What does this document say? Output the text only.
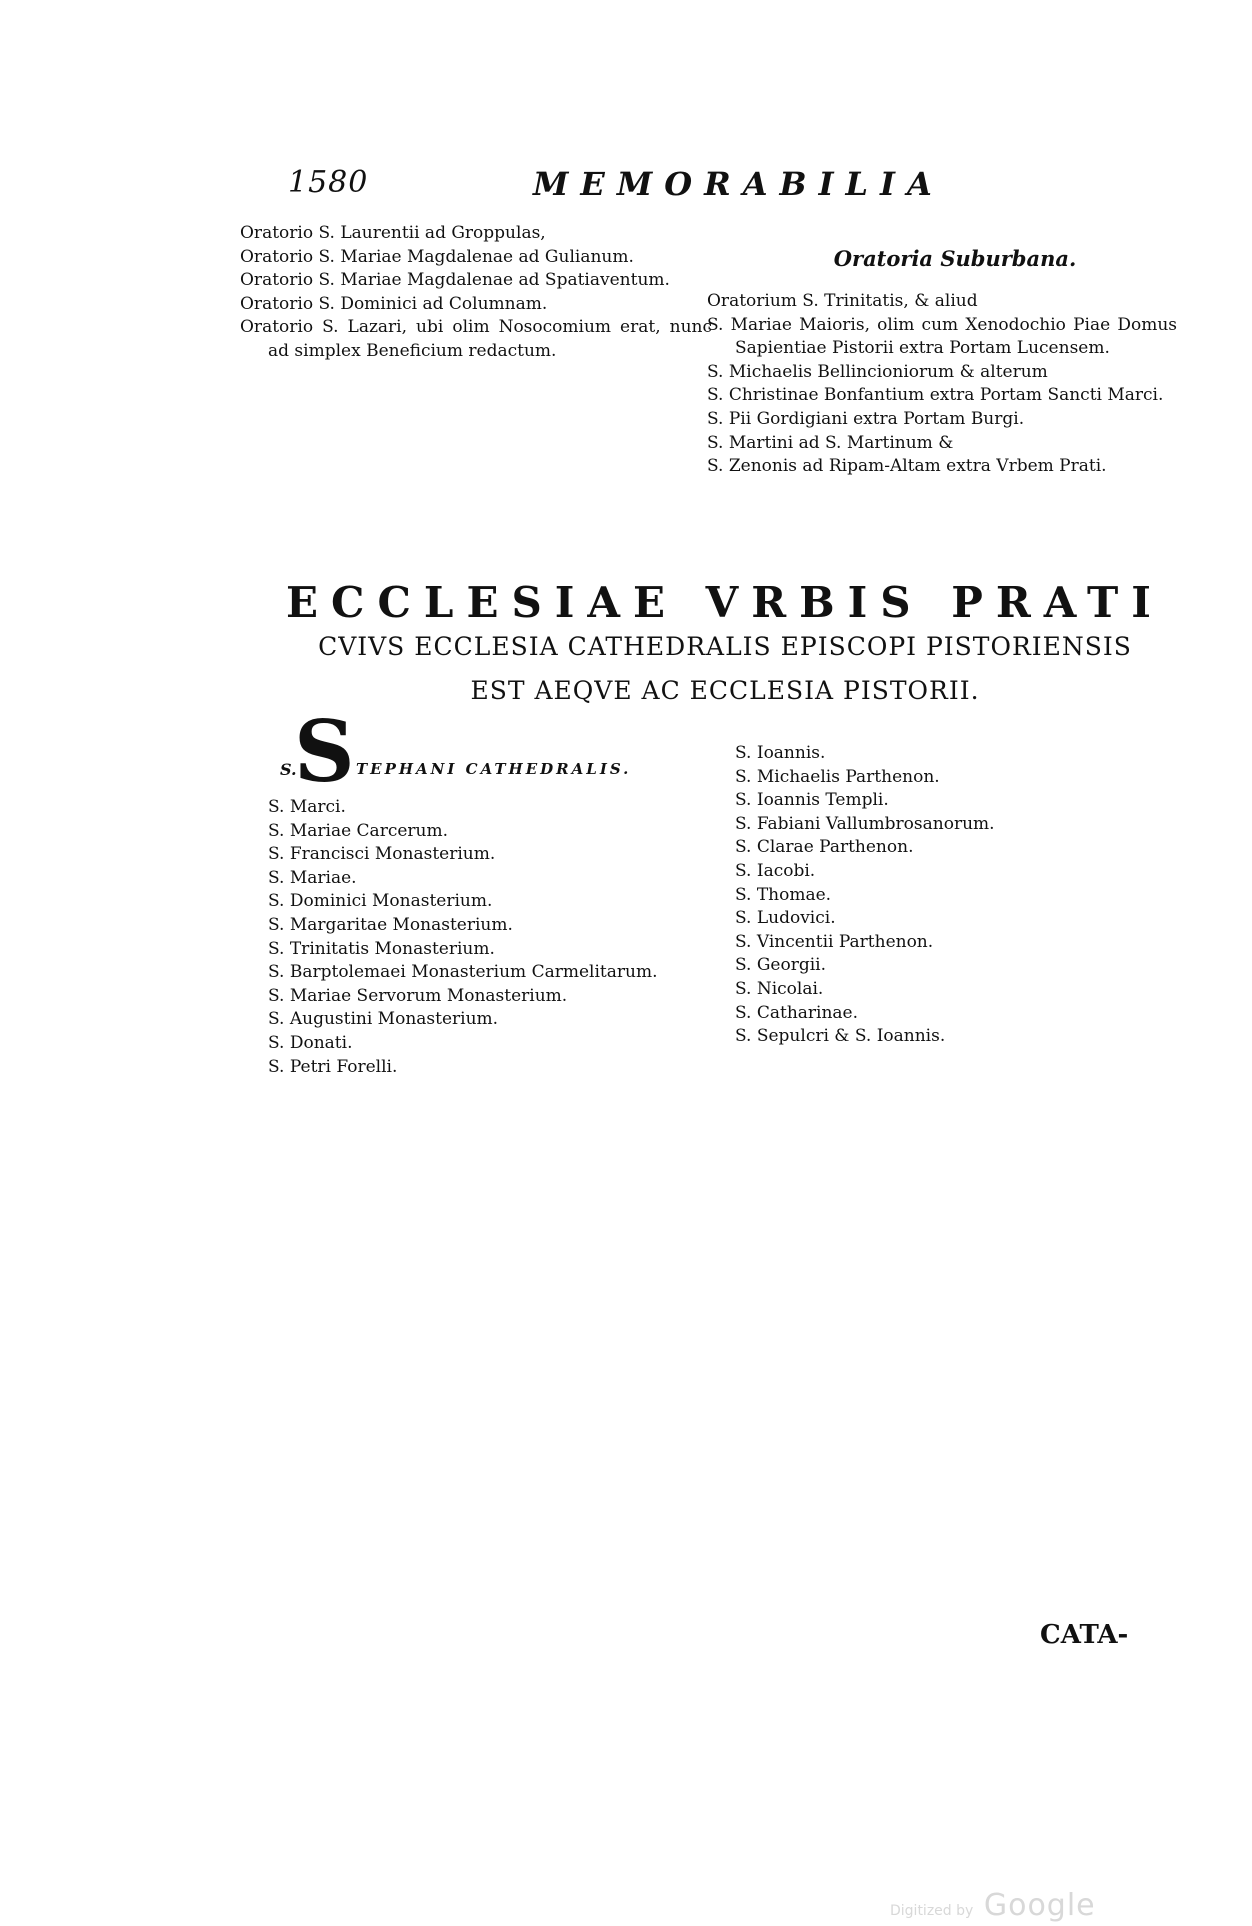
1580	MEMORABILIA
Oratorio S. Laurentii ad Groppulas,
Oratorio S. Mariae Magdalenae ad Gulianum.
Oratorio S. Mariae Magdalenae ad Spatiaventum.
Oratorio S. Dominici ad Columnam.
Oratorio S. Lazari, ubi olim Nosocomium erat, nunc ad simplex Beneficium redactum.
Oratoria Suburbana.
Oratorium S. Trinitatis, & aliud
S. Mariae Maioris, olim cum Xenodochio Piae Domus Sapientiae Pistorii extra Portam Lucensem.
S. Michaelis Bellincioniorum & alterum
S. Christinae Bonfantium extra Portam Sancti Marci.
S. Pii Gordigiani extra Portam Burgi.
S. Martini ad S. Martinum &
S. Zenonis ad Ripam-Altam extra Vrbem Prati.
ECCLESIAE VRBIS PRATI
CVIVS ECCLESIA CATHEDRALIS EPISCOPI PISTORIENSIS
EST AEQVE AC ECCLESIA PISTORII.
S.
S TEPHANI CATHEDRALIS.
S. Marci.
S. Mariae Carcerum.
S. Francisci Monasterium.
S. Mariae.
S. Dominici Monasterium.
S. Margaritae Monasterium.
S. Trinitatis Monasterium.
S. Barptolemaei Monasterium Carmelitarum.
S. Mariae Servorum Monasterium.
S. Augustini Monasterium.
S. Donati.
S. Petri Forelli.
S. Ioannis.
S. Michaelis Parthenon.
S. Ioannis Templi.
S. Fabiani Vallumbrosanorum.
S. Clarae Parthenon.
S. Iacobi.
S. Thomae.
S. Ludovici.
S. Vincentii Parthenon.
S. Georgii.
S. Nicolai.
S. Catharinae.
S. Sepulcri & S. Ioannis.
CATA-
Digitized by Google
